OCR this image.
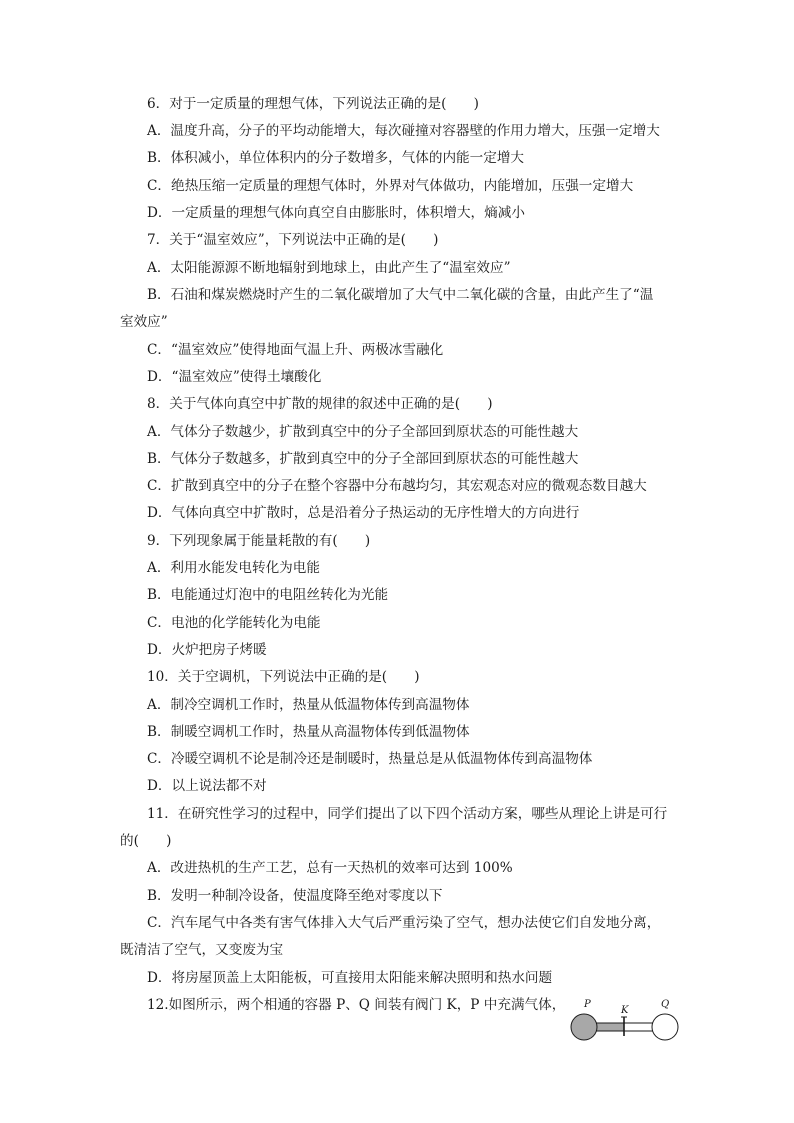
6．对于一定质量的理想气体，下列说法正确的是(　　)
A．温度升高，分子的平均动能增大，每次碰撞对容器壁的作用力增大，压强一定增大
B．体积减小，单位体积内的分子数增多，气体的内能一定增大
C．绝热压缩一定质量的理想气体时，外界对气体做功，内能增加，压强一定增大
D．一定质量的理想气体向真空自由膨胀时，体积增大，熵减小
7．关于“温室效应”，下列说法中正确的是(　　)
A．太阳能源源不断地辐射到地球上，由此产生了“温室效应”
B．石油和煤炭燃烧时产生的二氧化碳增加了大气中二氧化碳的含量，由此产生了“温
室效应”
C．“温室效应”使得地面气温上升、两极冰雪融化
D．“温室效应”使得土壤酸化
8．关于气体向真空中扩散的规律的叙述中正确的是(　　)
A．气体分子数越少，扩散到真空中的分子全部回到原状态的可能性越大
B．气体分子数越多，扩散到真空中的分子全部回到原状态的可能性越大
C．扩散到真空中的分子在整个容器中分布越均匀，其宏观态对应的微观态数目越大
D．气体向真空中扩散时，总是沿着分子热运动的无序性增大的方向进行
9．下列现象属于能量耗散的有(　　)
A．利用水能发电转化为电能
B．电能通过灯泡中的电阻丝转化为光能
C．电池的化学能转化为电能
D．火炉把房子烤暖
10．关于空调机，下列说法中正确的是(　　)
A．制冷空调机工作时，热量从低温物体传到高温物体
B．制暖空调机工作时，热量从高温物体传到低温物体
C．冷暖空调机不论是制冷还是制暖时，热量总是从低温物体传到高温物体
D．以上说法都不对
11．在研究性学习的过程中，同学们提出了以下四个活动方案，哪些从理论上讲是可行
的(　　)
A．改进热机的生产工艺，总有一天热机的效率可达到 100%
B．发明一种制冷设备，使温度降至绝对零度以下
C．汽车尾气中各类有害气体排入大气后严重污染了空气，想办法使它们自发地分离，
既清洁了空气，又变废为宝
D．将房屋顶盖上太阳能板，可直接用太阳能来解决照明和热水问题
12.如图所示，两个相通的容器 P、Q 间装有阀门 K，P 中充满气体， P
K
Q
